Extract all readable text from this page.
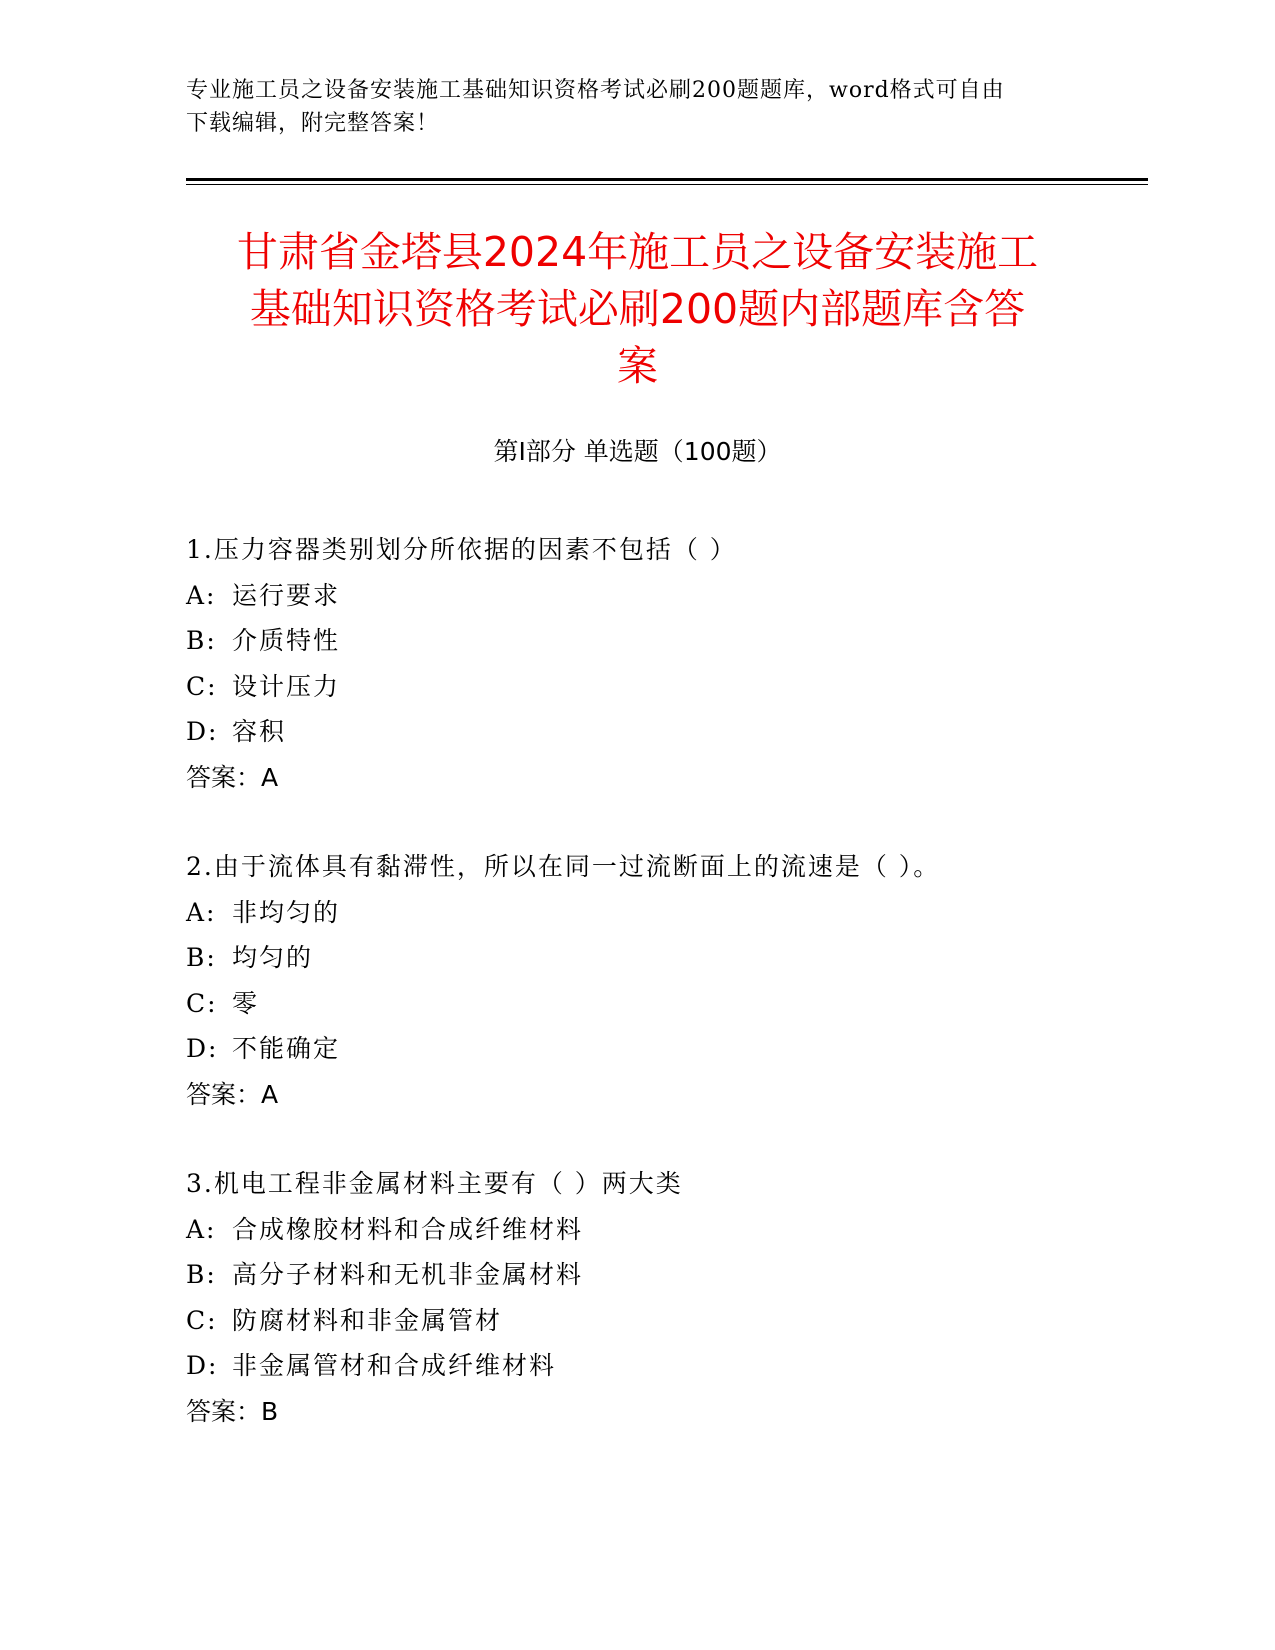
专业施工员之设备安装施工基础知识资格考试必刷200题题库，word格式可自由
下载编辑，附完整答案！
甘肃省金塔县2024年施工员之设备安装施工
基础知识资格考试必刷200题内部题库含答
案
第Ⅰ部分 单选题（100题）
1.压力容器类别划分所依据的因素不包括（ ）
A: 运行要求
B: 介质特性
C: 设计压力
D: 容积
答案：A
2.由于流体具有黏滞性，所以在同一过流断面上的流速是（ ）。
A: 非均匀的
B: 均匀的
C: 零
D: 不能确定
答案：A
3.机电工程非金属材料主要有（ ）两大类
A: 合成橡胶材料和合成纤维材料
B: 高分子材料和无机非金属材料
C: 防腐材料和非金属管材
D: 非金属管材和合成纤维材料
答案：B
